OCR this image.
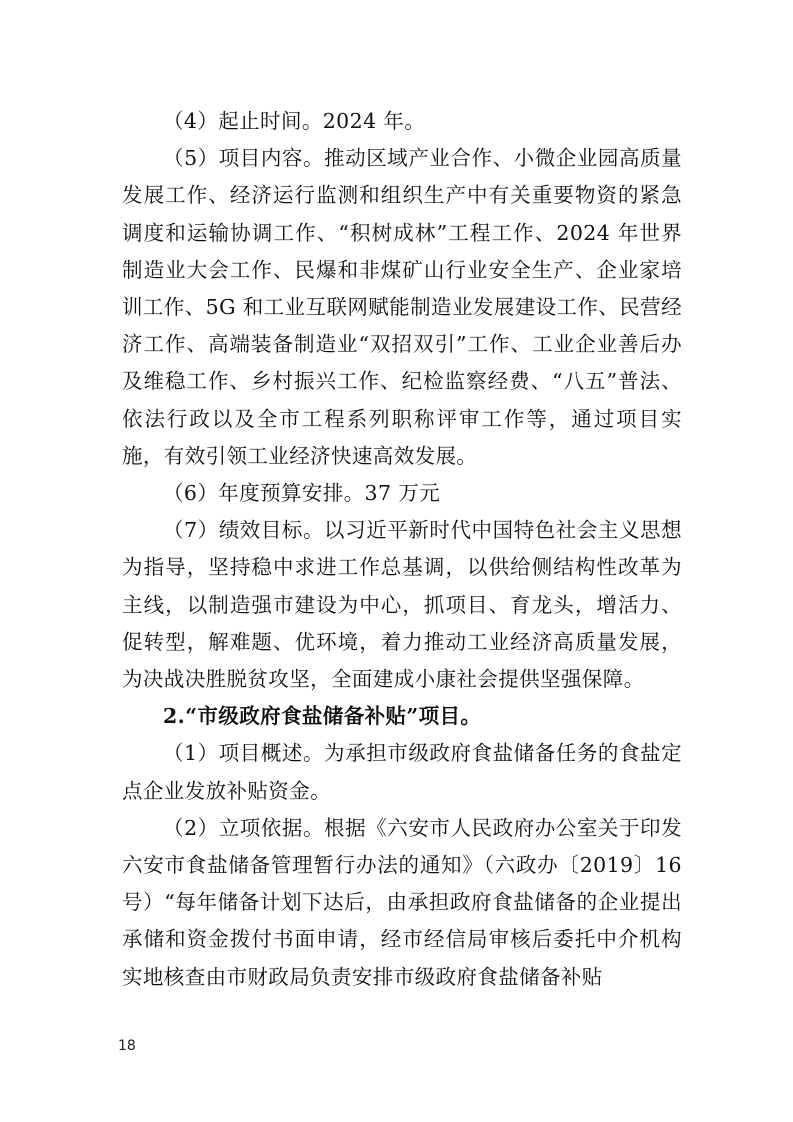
（4）起止时间。2024 年。

（5）项目内容。推动区域产业合作、小微企业园高质量发展工作、经济运行监测和组织生产中有关重要物资的紧急调度和运输协调工作、“积树成林”工程工作、2024 年世界制造业大会工作、民爆和非煤矿山行业安全生产、企业家培训工作、5G 和工业互联网赋能制造业发展建设工作、民营经济工作、高端装备制造业“双招双引”工作、工业企业善后办及维稳工作、乡村振兴工作、纪检监察经费、“八五”普法、依法行政以及全市工程系列职称评审工作等，通过项目实施，有效引领工业经济快速高效发展。

（6）年度预算安排。37 万元

（7）绩效目标。以习近平新时代中国特色社会主义思想为指导，坚持稳中求进工作总基调，以供给侧结构性改革为主线，以制造强市建设为中心，抓项目、育龙头，增活力、促转型，解难题、优环境，着力推动工业经济高质量发展，为决战决胜脱贫攻坚，全面建成小康社会提供坚强保障。

2.“市级政府食盐储备补贴”项目。

（1）项目概述。为承担市级政府食盐储备任务的食盐定点企业发放补贴资金。

（2）立项依据。根据《六安市人民政府办公室关于印发六安市食盐储备管理暂行办法的通知》（六政办〔2019〕16 号）“每年储备计划下达后，由承担政府食盐储备的企业提出承储和资金拨付书面申请，经市经信局审核后委托中介机构实地核查由市财政局负责安排市级政府食盐储备补贴

18
